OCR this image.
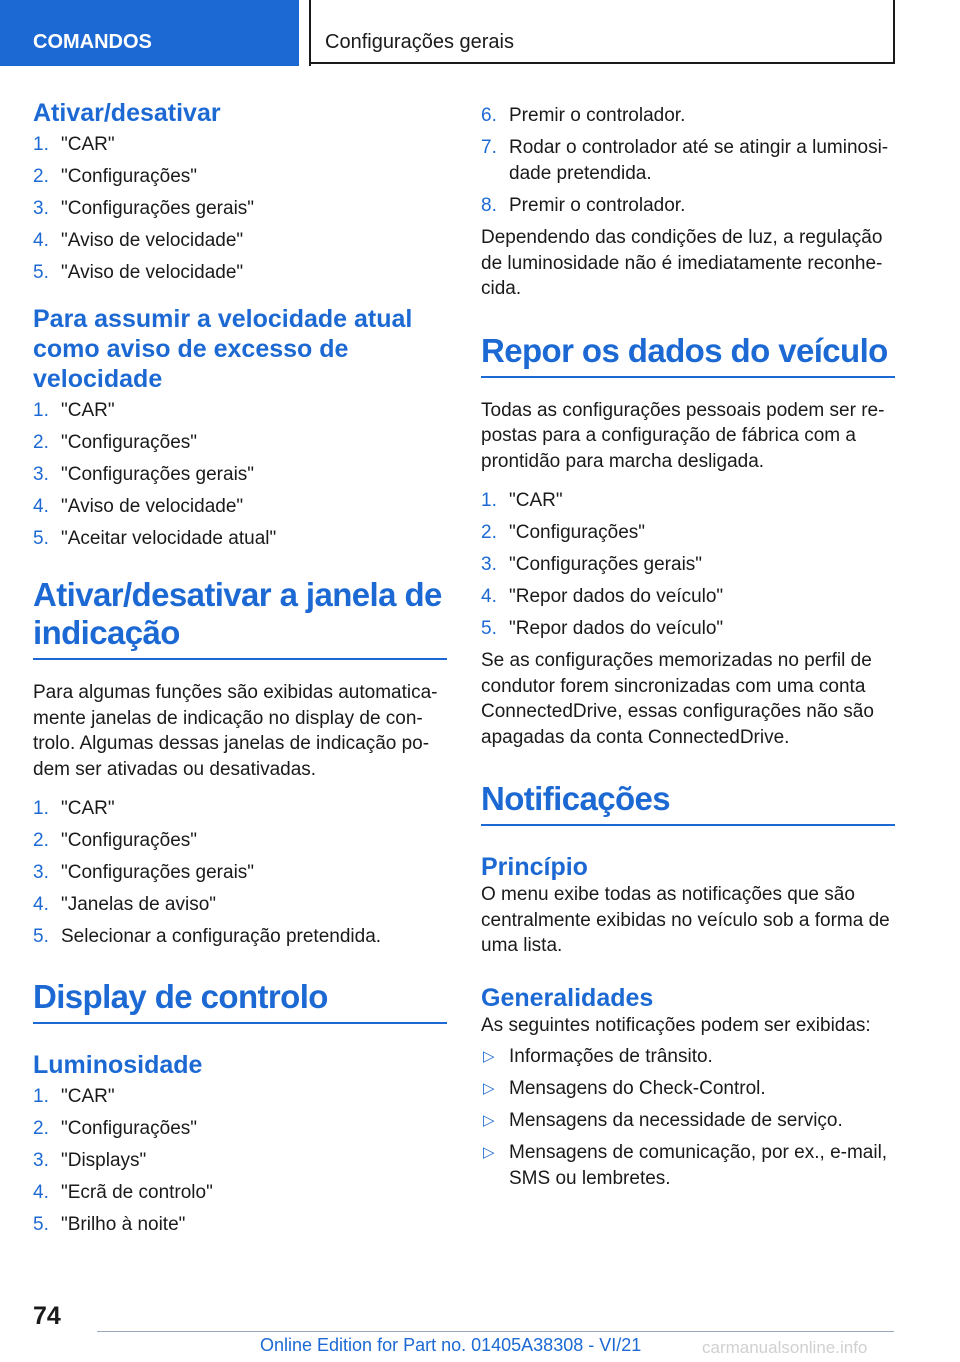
COMANDOS	Configurações gerais
Ativar/desativar
1. "CAR"
2. "Configurações"
3. "Configurações gerais"
4. "Aviso de velocidade"
5. "Aviso de velocidade"
Para assumir a velocidade atual como aviso de excesso de velocidade
1. "CAR"
2. "Configurações"
3. "Configurações gerais"
4. "Aviso de velocidade"
5. "Aceitar velocidade atual"
Ativar/desativar a janela de indicação

Para algumas funções são exibidas automatica-mente janelas de indicação no display de con-trolo. Algumas dessas janelas de indicação po-dem ser ativadas ou desativadas.

1. "CAR"
2. "Configurações"
3. "Configurações gerais"
4. "Janelas de aviso"
5. Selecionar a configuração pretendida.
Display de controlo
Luminosidade
1. "CAR"
2. "Configurações"
3. "Displays"
4. "Ecrã de controlo"
5. "Brilho à noite"
6. Premir o controlador.
7. Rodar o controlador até se atingir a luminosi-dade pretendida.
8. Premir o controlador.

Dependendo das condições de luz, a regulação de luminosidade não é imediatamente reconhe-cida.

Repor os dados do veículo

Todas as configurações pessoais podem ser re-postas para a configuração de fábrica com a prontidão para marcha desligada.

1. "CAR"
2. "Configurações"
3. "Configurações gerais"
4. "Repor dados do veículo"
5. "Repor dados do veículo"

Se as configurações memorizadas no perfil de condutor forem sincronizadas com uma conta ConnectedDrive, essas configurações não são apagadas da conta ConnectedDrive.

Notificações
Princípio

O menu exibe todas as notificações que são centralmente exibidas no veículo sob a forma de uma lista.

Generalidades

As seguintes notificações podem ser exibidas:

▷ Informações de trânsito.
▷ Mensagens do Check-Control.
▷ Mensagens da necessidade de serviço.
▷ Mensagens de comunicação, por ex., e-mail, SMS ou lembretes.
74
Online Edition for Part no. 01405A38308 - VI/21	carmanualsonline.info
